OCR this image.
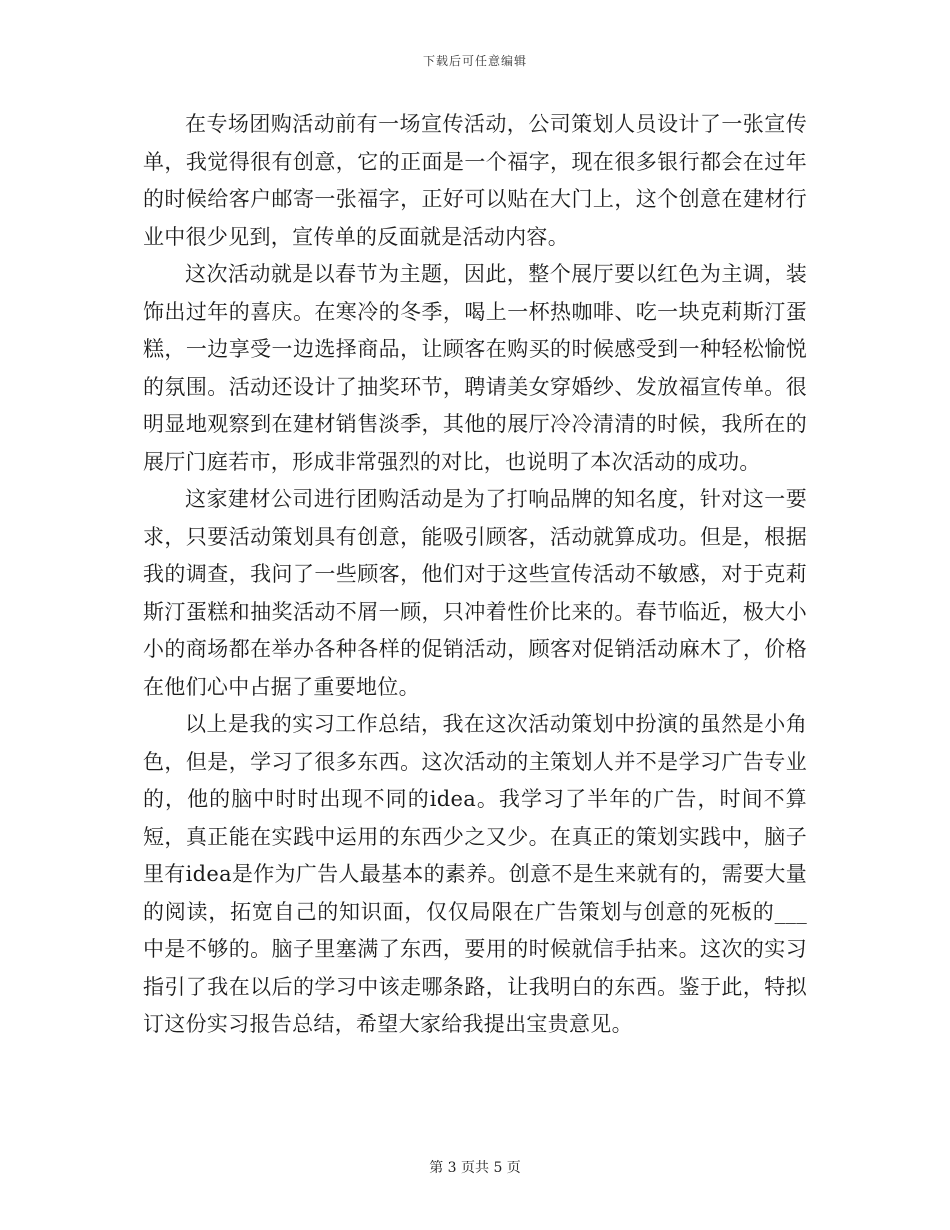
下载后可任意编辑

在专场团购活动前有一场宣传活动，公司策划人员设计了一张宣传单，我觉得很有创意，它的正面是一个福字，现在很多银行都会在过年的时候给客户邮寄一张福字，正好可以贴在大门上，这个创意在建材行业中很少见到，宣传单的反面就是活动内容。

这次活动就是以春节为主题，因此，整个展厅要以红色为主调，装饰出过年的喜庆。在寒冷的冬季，喝上一杯热咖啡、吃一块克莉斯汀蛋糕，一边享受一边选择商品，让顾客在购买的时候感受到一种轻松愉悦的氛围。活动还设计了抽奖环节，聘请美女穿婚纱、发放福宣传单。很明显地观察到在建材销售淡季，其他的展厅冷冷清清的时候，我所在的展厅门庭若市，形成非常强烈的对比，也说明了本次活动的成功。

这家建材公司进行团购活动是为了打响品牌的知名度，针对这一要求，只要活动策划具有创意，能吸引顾客，活动就算成功。但是，根据我的调查，我问了一些顾客，他们对于这些宣传活动不敏感，对于克莉斯汀蛋糕和抽奖活动不屑一顾，只冲着性价比来的。春节临近，极大小小的商场都在举办各种各样的促销活动，顾客对促销活动麻木了，价格在他们心中占据了重要地位。

以上是我的实习工作总结，我在这次活动策划中扮演的虽然是小角色，但是，学习了很多东西。这次活动的主策划人并不是学习广告专业的，他的脑中时时出现不同的idea。我学习了半年的广告，时间不算短，真正能在实践中运用的东西少之又少。在真正的策划实践中，脑子里有idea是作为广告人最基本的素养。创意不是生来就有的，需要大量的阅读，拓宽自己的知识面，仅仅局限在广告策划与创意的死板的___中是不够的。脑子里塞满了东西，要用的时候就信手拈来。这次的实习指引了我在以后的学习中该走哪条路，让我明白的东西。鉴于此，特拟订这份实习报告总结，希望大家给我提出宝贵意见。

第 3 页共 5 页
